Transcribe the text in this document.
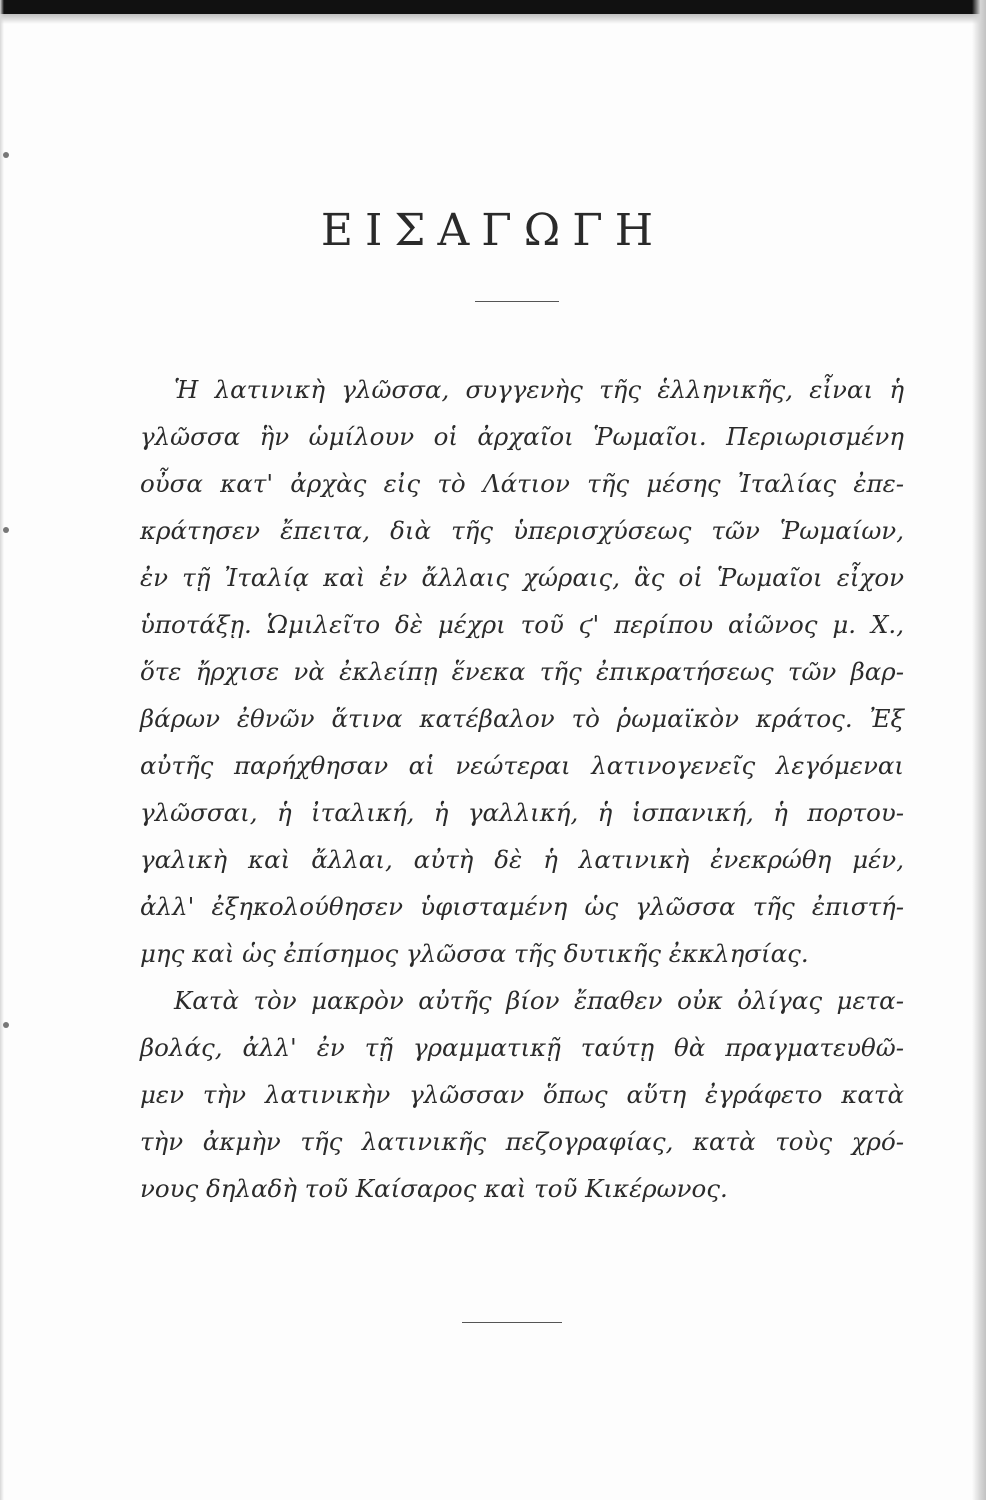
ΕΙΣΑΓΩΓΗ
Ἡ λατινικὴ γλῶσσα, συγγενὴς τῆς ἑλληνικῆς, εἶναι ἡ
γλῶσσα ἣν ὡμίλουν οἱ ἀρχαῖοι Ῥωμαῖοι. Περιωρισμένη
οὖσα κατ' ἀρχὰς εἰς τὸ Λάτιον τῆς μέσης Ἰταλίας ἐπε-
κράτησεν ἔπειτα, διὰ τῆς ὑπερισχύσεως τῶν Ῥωμαίων,
ἐν τῇ Ἰταλίᾳ καὶ ἐν ἄλλαις χώραις, ἃς οἱ Ῥωμαῖοι εἶχον
ὑποτάξῃ. Ὡμιλεῖτο δὲ μέχρι τοῦ ϛ' περίπου αἰῶνος μ. Χ.,
ὅτε ἤρχισε νὰ ἐκλείπῃ ἕνεκα τῆς ἐπικρατήσεως τῶν βαρ-
βάρων ἐθνῶν ἅτινα κατέβαλον τὸ ῥωμαϊκὸν κράτος. Ἐξ
αὐτῆς παρήχθησαν αἱ νεώτεραι λατινογενεῖς λεγόμεναι
γλῶσσαι, ἡ ἰταλική, ἡ γαλλική, ἡ ἱσπανική, ἡ πορτου-
γαλικὴ καὶ ἄλλαι, αὐτὴ δὲ ἡ λατινικὴ ἐνεκρώθη μέν,
ἀλλ' ἐξηκολούθησεν ὑφισταμένη ὡς γλῶσσα τῆς ἐπιστή-
μης καὶ ὡς ἐπίσημος γλῶσσα τῆς δυτικῆς ἐκκλησίας.
Κατὰ τὸν μακρὸν αὐτῆς βίον ἔπαθεν οὐκ ὀλίγας μετα-
βολάς, ἀλλ' ἐν τῇ γραμματικῇ ταύτῃ θὰ πραγματευθῶ-
μεν τὴν λατινικὴν γλῶσσαν ὅπως αὕτη ἐγράφετο κατὰ
τὴν ἀκμὴν τῆς λατινικῆς πεζογραφίας, κατὰ τοὺς χρό-
νους δηλαδὴ τοῦ Καίσαρος καὶ τοῦ Κικέρωνος.
